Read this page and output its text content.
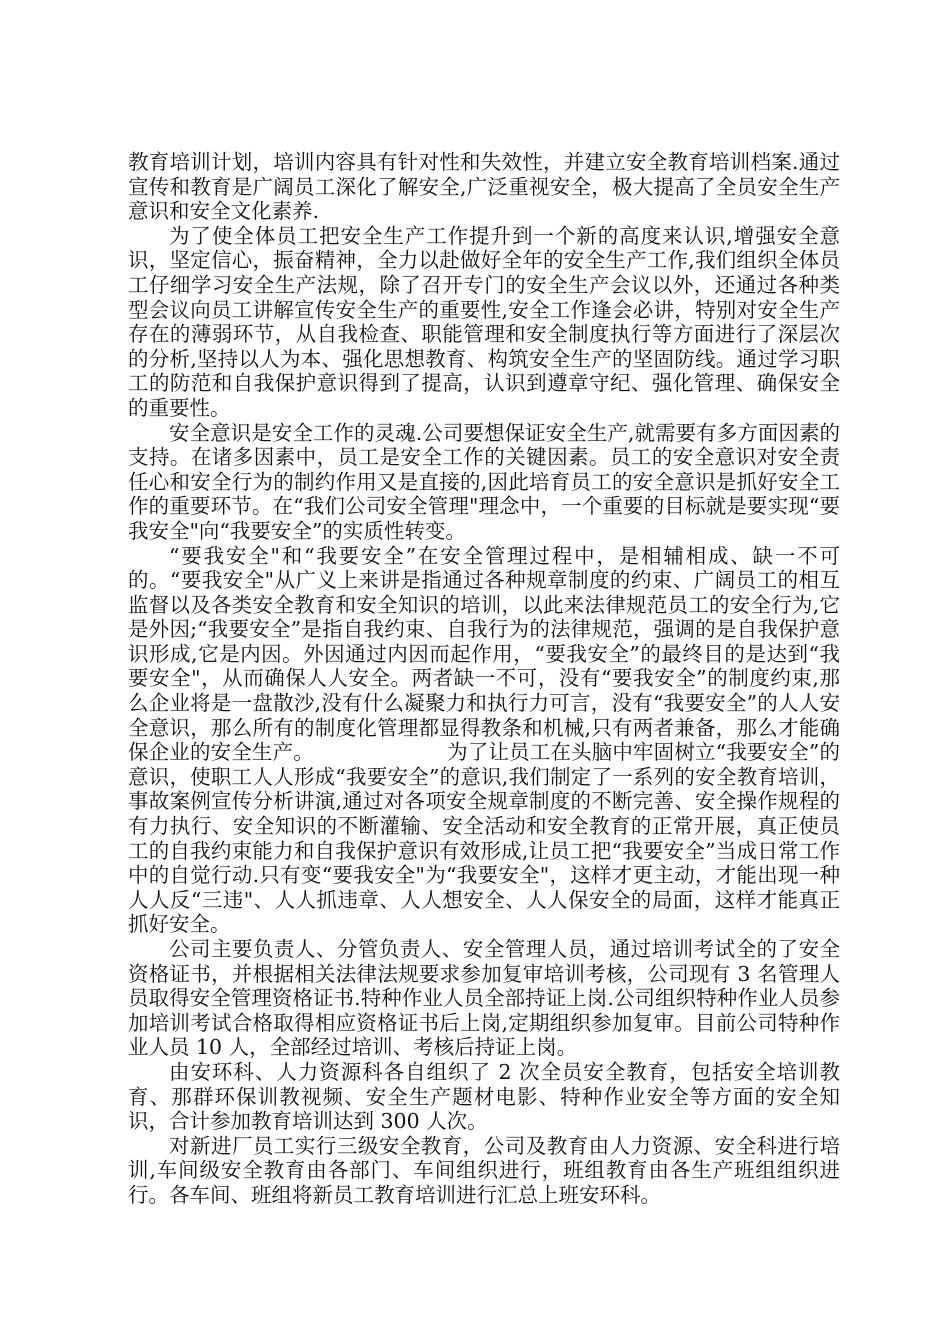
教育培训计划，培训内容具有针对性和失效性，并建立安全教育培训档案.通过宣传和教育是广阔员工深化了解安全,广泛重视安全，极大提高了全员安全生产意识和安全文化素养.

为了使全体员工把安全生产工作提升到一个新的高度来认识,增强安全意识，坚定信心，振奋精神，全力以赴做好全年的安全生产工作,我们组织全体员工仔细学习安全生产法规，除了召开专门的安全生产会议以外，还通过各种类型会议向员工讲解宣传安全生产的重要性,安全工作逢会必讲，特别对安全生产存在的薄弱环节，从自我检查、职能管理和安全制度执行等方面进行了深层次的分析,坚持以人为本、强化思想教育、构筑安全生产的坚固防线。通过学习职工的防范和自我保护意识得到了提高，认识到遵章守纪、强化管理、确保安全的重要性。

安全意识是安全工作的灵魂.公司要想保证安全生产,就需要有多方面因素的支持。在诸多因素中，员工是安全工作的关键因素。员工的安全意识对安全责任心和安全行为的制约作用又是直接的,因此培育员工的安全意识是抓好安全工作的重要环节。在“我们公司安全管理"理念中，一个重要的目标就是要实现“要我安全"向“我要安全”的实质性转变。

“要我安全"和“我要安全”在安全管理过程中，是相辅相成、缺一不可的。“要我安全"从广义上来讲是指通过各种规章制度的约束、广阔员工的相互监督以及各类安全教育和安全知识的培训，以此来法律规范员工的安全行为,它是外因;“我要安全”是指自我约束、自我行为的法律规范，强调的是自我保护意识形成,它是内因。外因通过内因而起作用，“要我安全”的最终目的是达到“我要安全"，从而确保人人安全。两者缺一不可，没有“要我安全”的制度约束,那么企业将是一盘散沙,没有什么凝聚力和执行力可言，没有“我要安全”的人人安全意识，那么所有的制度化管理都显得教条和机械,只有两者兼备，那么才能确保企业的安全生产。                    为了让员工在头脑中牢固树立“我要安全”的意识，使职工人人形成“我要安全”的意识,我们制定了一系列的安全教育培训，事故案例宣传分析讲演,通过对各项安全规章制度的不断完善、安全操作规程的有力执行、安全知识的不断灌输、安全活动和安全教育的正常开展，真正使员工的自我约束能力和自我保护意识有效形成,让员工把“我要安全”当成日常工作中的自觉行动.只有变“要我安全"为“我要安全"，这样才更主动，才能出现一种人人反“三违"、人人抓违章、人人想安全、人人保安全的局面，这样才能真正抓好安全。

公司主要负责人、分管负责人、安全管理人员，通过培训考试全的了安全资格证书，并根据相关法律法规要求参加复审培训考核，公司现有 3 名管理人员取得安全管理资格证书.特种作业人员全部持证上岗.公司组织特种作业人员参加培训考试合格取得相应资格证书后上岗,定期组织参加复审。目前公司特种作业人员 10 人，全部经过培训、考核后持证上岗。

由安环科、人力资源科各自组织了 2 次全员安全教育，包括安全培训教育、那群环保训教视频、安全生产题材电影、特种作业安全等方面的安全知识，合计参加教育培训达到 300 人次。

对新进厂员工实行三级安全教育，公司及教育由人力资源、安全科进行培训,车间级安全教育由各部门、车间组织进行，班组教育由各生产班组组织进行。各车间、班组将新员工教育培训进行汇总上班安环科。
